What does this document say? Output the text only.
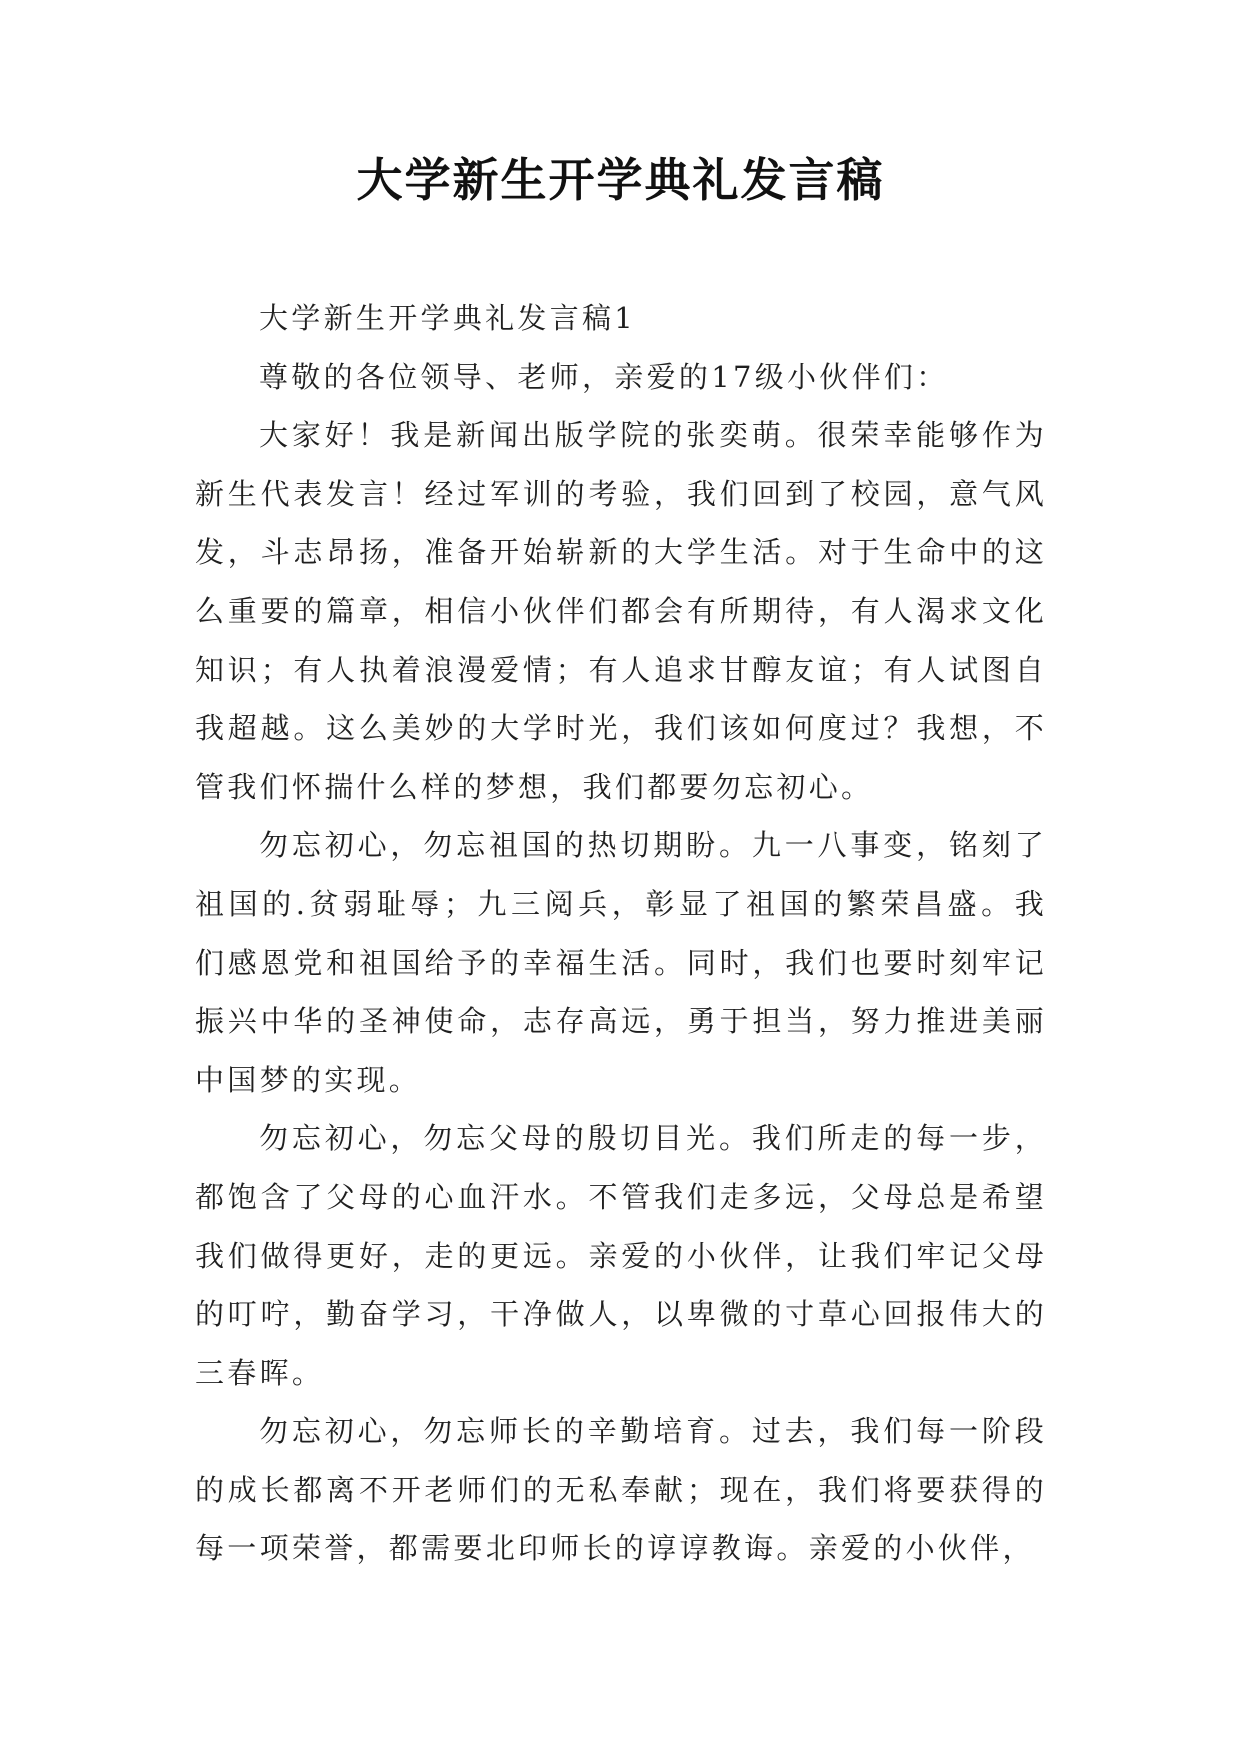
大学新生开学典礼发言稿

大学新生开学典礼发言稿1

尊敬的各位领导、老师，亲爱的17级小伙伴们：

大家好！我是新闻出版学院的张奕萌。很荣幸能够作为新生代表发言！经过军训的考验，我们回到了校园，意气风发，斗志昂扬，准备开始崭新的大学生活。对于生命中的这么重要的篇章，相信小伙伴们都会有所期待，有人渴求文化知识；有人执着浪漫爱情；有人追求甘醇友谊；有人试图自我超越。这么美妙的大学时光，我们该如何度过？我想，不管我们怀揣什么样的梦想，我们都要勿忘初心。

勿忘初心，勿忘祖国的热切期盼。九一八事变，铭刻了祖国的.贫弱耻辱；九三阅兵，彰显了祖国的繁荣昌盛。我们感恩党和祖国给予的幸福生活。同时，我们也要时刻牢记振兴中华的圣神使命，志存高远，勇于担当，努力推进美丽中国梦的实现。

勿忘初心，勿忘父母的殷切目光。我们所走的每一步，都饱含了父母的心血汗水。不管我们走多远，父母总是希望我们做得更好，走的更远。亲爱的小伙伴，让我们牢记父母的叮咛，勤奋学习，干净做人，以卑微的寸草心回报伟大的三春晖。

勿忘初心，勿忘师长的辛勤培育。过去，我们每一阶段的成长都离不开老师们的无私奉献；现在，我们将要获得的每一项荣誉，都需要北印师长的谆谆教诲。亲爱的小伙伴，
